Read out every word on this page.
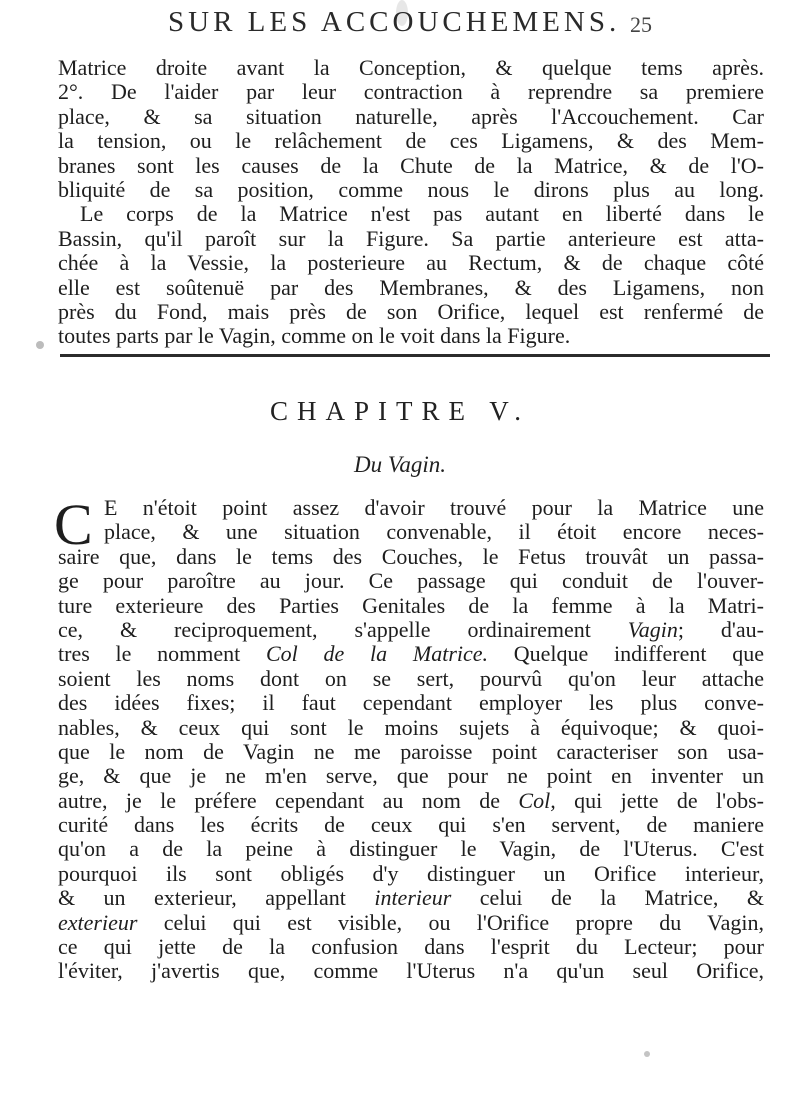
SUR LES ACCOUCHEMENS. 25
Matrice droite avant la Conception, & quelque tems après.
2°. De l'aider par leur contraction à reprendre sa premiere
place, & sa situation naturelle, après l'Accouchement. Car
la tension, ou le relâchement de ces Ligamens, & des Mem-
branes sont les causes de la Chute de la Matrice, & de l'O-
bliquité de sa position, comme nous le dirons plus au long.
Le corps de la Matrice n'est pas autant en liberté dans le
Bassin, qu'il paroît sur la Figure. Sa partie anterieure est atta-
chée à la Vessie, la posterieure au Rectum, & de chaque côté
elle est soûtenuë par des Membranes, & des Ligamens, non
près du Fond, mais près de son Orifice, lequel est renfermé de
toutes parts par le Vagin, comme on le voit dans la Figure.
CHAPITRE V.
Du Vagin.
C E n'étoit point assez d'avoir trouvé pour la Matrice une
place, & une situation convenable, il étoit encore neces-
saire que, dans le tems des Couches, le Fetus trouvât un passa-
ge pour paroître au jour. Ce passage qui conduit de l'ouver-
ture exterieure des Parties Genitales de la femme à la Matri-
ce, & reciproquement, s'appelle ordinairement Vagin; d'au-
tres le nomment Col de la Matrice. Quelque indifferent que
soient les noms dont on se sert, pourvû qu'on leur attache
des idées fixes; il faut cependant employer les plus conve-
nables, & ceux qui sont le moins sujets à équivoque; & quoi-
que le nom de Vagin ne me paroisse point caracteriser son usa-
ge, & que je ne m'en serve, que pour ne point en inventer un
autre, je le préfere cependant au nom de Col, qui jette de l'obs-
curité dans les écrits de ceux qui s'en servent, de maniere
qu'on a de la peine à distinguer le Vagin, de l'Uterus. C'est
pourquoi ils sont obligés d'y distinguer un Orifice interieur,
& un exterieur, appellant interieur celui de la Matrice, &
exterieur celui qui est visible, ou l'Orifice propre du Vagin,
ce qui jette de la confusion dans l'esprit du Lecteur; pour
l'éviter, j'avertis que, comme l'Uterus n'a qu'un seul Orifice,
